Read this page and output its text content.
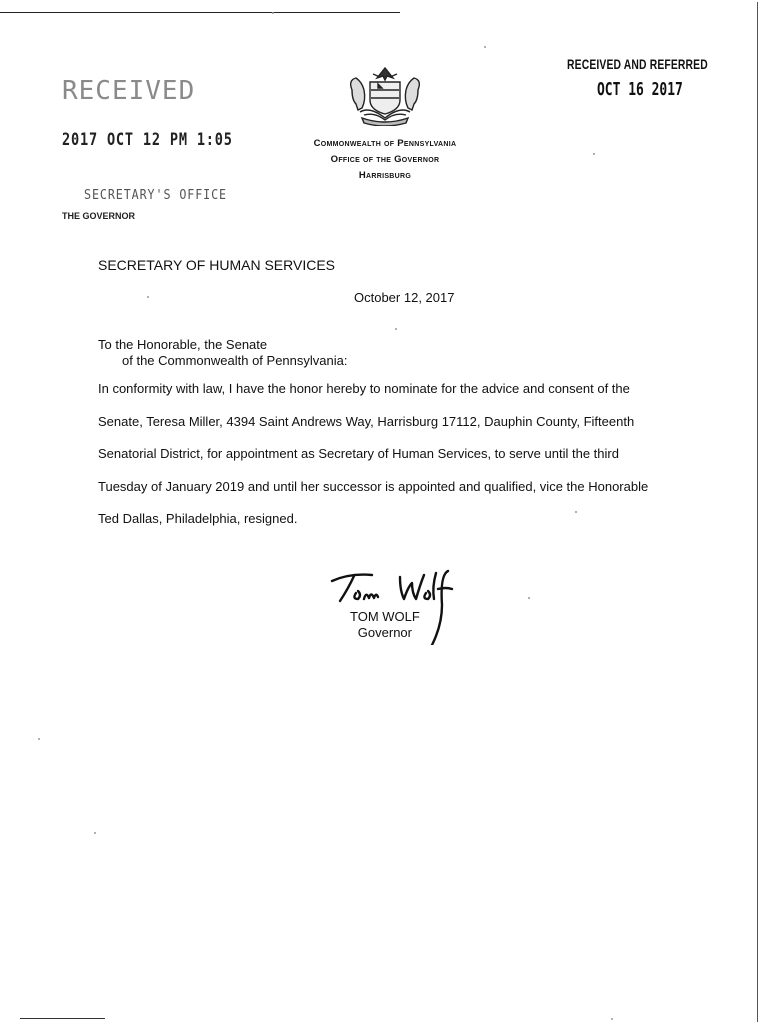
RECEIVED
2017 OCT 12 PM 1:05
SECRETARY'S OFFICE
THE GOVERNOR
Commonwealth of Pennsylvania
Office of the Governor
Harrisburg
RECEIVED AND REFERRED
OCT 16 2017
SECRETARY OF HUMAN SERVICES
October 12, 2017
To the Honorable, the Senate
of the Commonwealth of Pennsylvania:
In conformity with law, I have the honor hereby to nominate for the advice and consent of the
Senate, Teresa Miller, 4394 Saint Andrews Way, Harrisburg 17112, Dauphin County, Fifteenth
Senatorial District, for appointment as Secretary of Human Services, to serve until the third
Tuesday of January 2019 and until her successor is appointed and qualified, vice the Honorable
Ted Dallas, Philadelphia, resigned.
TOM WOLF
Governor
